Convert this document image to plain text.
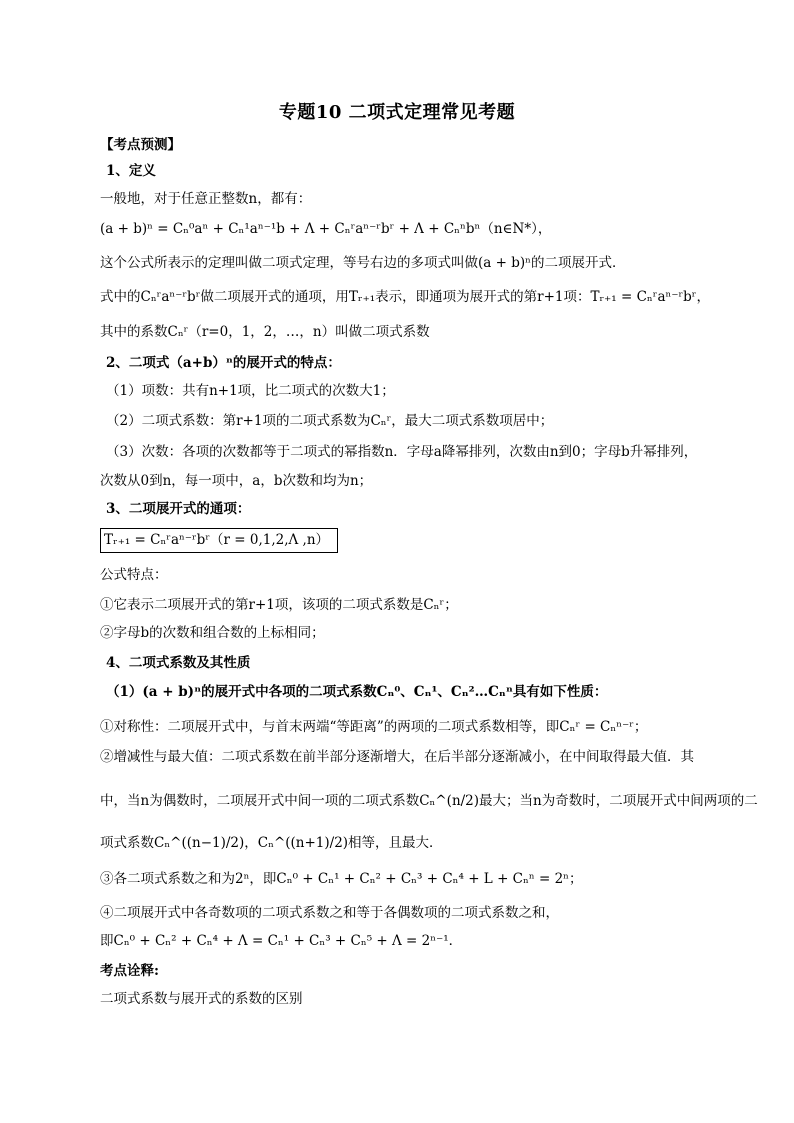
专题10 二项式定理常见考题
【考点预测】
1、定义
一般地，对于任意正整数n，都有：
(a + b)ⁿ = Cₙ⁰aⁿ + Cₙ¹aⁿ⁻¹b + Λ + Cₙʳaⁿ⁻ʳbʳ + Λ + Cₙⁿbⁿ（n∈N*），
这个公式所表示的定理叫做二项式定理，等号右边的多项式叫做(a + b)ⁿ的二项展开式．
式中的Cₙʳaⁿ⁻ʳbʳ做二项展开式的通项，用Tᵣ₊₁表示，即通项为展开式的第r+1项：Tᵣ₊₁ = Cₙʳaⁿ⁻ʳbʳ，
其中的系数Cₙʳ（r=0，1，2，…，n）叫做二项式系数
2、二项式（a+b）ⁿ的展开式的特点：
（1）项数：共有n+1项，比二项式的次数大1；
（2）二项式系数：第r+1项的二项式系数为Cₙʳ，最大二项式系数项居中；
（3）次数：各项的次数都等于二项式的幂指数n．字母a降幂排列，次数由n到0；字母b升幂排列，
次数从0到n，每一项中，a，b次数和均为n；
3、二项展开式的通项：
Tᵣ₊₁ = Cₙʳaⁿ⁻ʳbʳ（r = 0,1,2,Λ ,n）
公式特点：
①它表示二项展开式的第r+1项，该项的二项式系数是Cₙʳ；
②字母b的次数和组合数的上标相同；
4、二项式系数及其性质
（1）(a + b)ⁿ的展开式中各项的二项式系数Cₙ⁰、Cₙ¹、Cₙ²…Cₙⁿ具有如下性质：
①对称性：二项展开式中，与首末两端“等距离”的两项的二项式系数相等，即Cₙʳ = Cₙⁿ⁻ʳ；
②增减性与最大值：二项式系数在前半部分逐渐增大，在后半部分逐渐减小，在中间取得最大值．其
中，当n为偶数时，二项展开式中间一项的二项式系数Cₙ^(n/2)最大；当n为奇数时，二项展开式中间两项的二
项式系数Cₙ^((n−1)/2)，Cₙ^((n+1)/2)相等，且最大．
③各二项式系数之和为2ⁿ，即Cₙ⁰ + Cₙ¹ + Cₙ² + Cₙ³ + Cₙ⁴ + L + Cₙⁿ = 2ⁿ；
④二项展开式中各奇数项的二项式系数之和等于各偶数项的二项式系数之和，
即Cₙ⁰ + Cₙ² + Cₙ⁴ + Λ = Cₙ¹ + Cₙ³ + Cₙ⁵ + Λ = 2ⁿ⁻¹．
考点诠释:
二项式系数与展开式的系数的区别
